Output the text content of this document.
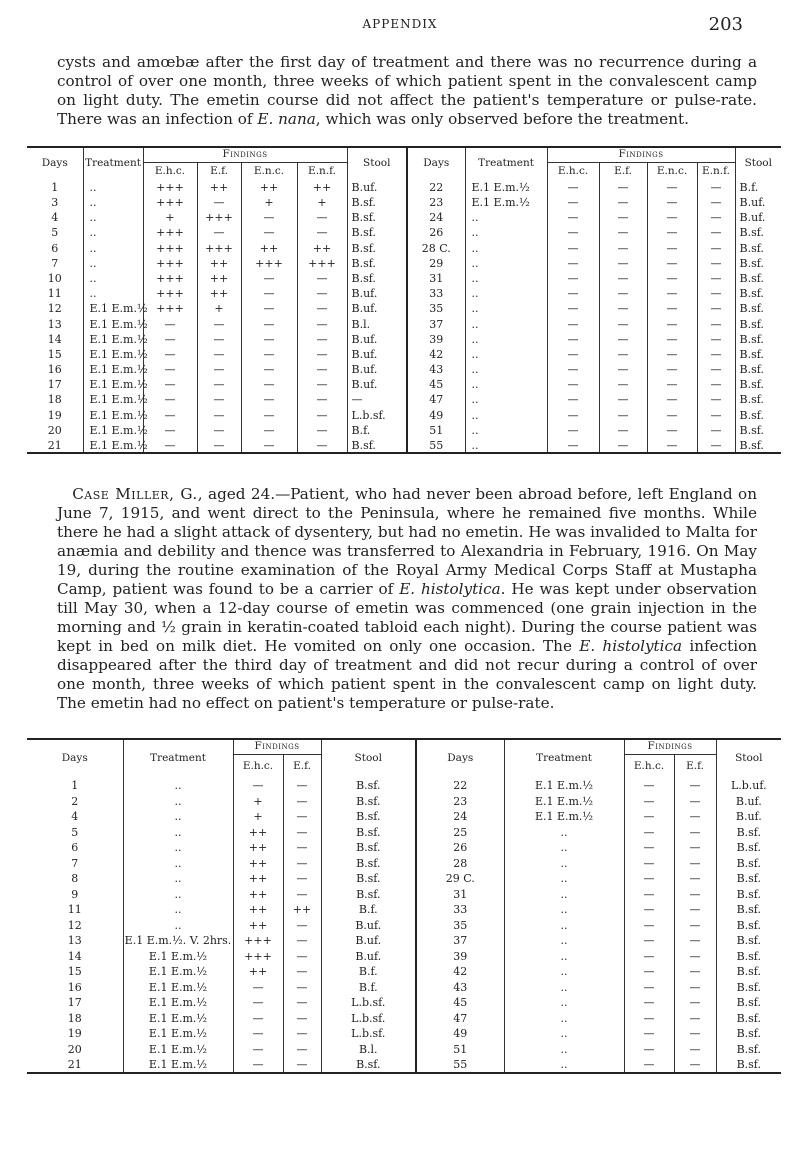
APPENDIX	203
cysts and amœbæ after the first day of treatment and there was no recurrence during a control of over one month, three weeks of which patient spent in the convalescent camp on light duty. The emetin course did not affect the patient's temperature or pulse-rate. There was an infection of E. nana, which was only observed before the treatment.
Days	Treatment	Findings				Stool	Days	Treatment	Findings				Stool
		E.h.c.	E.f.	E.n.c.	E.n.f.				E.h.c.	E.f.	E.n.c.	E.n.f.	
1	..	+++	++	++	++	B.uf.	22	E.1 E.m.½	—	—	—	—	B.f.
3	..	+++	—	+	+	B.sf.	23	E.1 E.m.½	—	—	—	—	B.uf.
4	..	+	+++	—	—	B.sf.	24	..	—	—	—	—	B.uf.
5	..	+++	—	—	—	B.sf.	26	..	—	—	—	—	B.sf.
6	..	+++	+++	++	++	B.sf.	28 C.	..	—	—	—	—	B.sf.
7	..	+++	++	+++	+++	B.sf.	29	..	—	—	—	—	B.sf.
10	..	+++	++	—	—	B.sf.	31	..	—	—	—	—	B.sf.
11	..	+++	++	—	—	B.uf.	33	..	—	—	—	—	B.sf.
12	E.1 E.m.½	+++	+	—	—	B.uf.	35	..	—	—	—	—	B.sf.
13	E.1 E.m.½	—	—	—	—	B.l.	37	..	—	—	—	—	B.sf.
14	E.1 E.m.½	—	—	—	—	B.uf.	39	..	—	—	—	—	B.sf.
15	E.1 E.m.½	—	—	—	—	B.uf.	42	..	—	—	—	—	B.sf.
16	E.1 E.m.½	—	—	—	—	B.uf.	43	..	—	—	—	—	B.sf.
17	E.1 E.m.½	—	—	—	—	B.uf.	45	..	—	—	—	—	B.sf.
18	E.1 E.m.½	—	—	—	—	—	47	..	—	—	—	—	B.sf.
19	E.1 E.m.½	—	—	—	—	L.b.sf.	49	..	—	—	—	—	B.sf.
20	E.1 E.m.½	—	—	—	—	B.f.	51	..	—	—	—	—	B.sf.
21	E.1 E.m.½	—	—	—	—	B.sf.	55	..	—	—	—	—	B.sf.
 Case Miller, G., aged 24.—Patient, who had never been abroad before, left England on June 7, 1915, and went direct to the Peninsula, where he remained five months. While there he had a slight attack of dysentery, but had no emetin. He was invalided to Malta for anæmia and debility and thence was transferred to Alexandria in February, 1916. On May 19, during the routine examination of the Royal Army Medical Corps Staff at Mustapha Camp, patient was found to be a carrier of E. histolytica. He was kept under observation till May 30, when a 12-day course of emetin was commenced (one grain injection in the morning and ½ grain in keratin-coated tabloid each night). During the course patient was kept in bed on milk diet. He vomited on only one occasion. The E. histolytica infection disappeared after the third day of treatment and did not recur during a control of over one month, three weeks of which patient spent in the convalescent camp on light duty. The emetin had no effect on patient's temperature or pulse-rate.
Days	Treatment	Findings		Stool	Days	Treatment	Findings		Stool
		E.h.c.	E.f.				E.h.c.	E.f.	
1	..	—	—	B.sf.	22	E.1 E.m.½	—	—	L.b.uf.
2	..	+	—	B.sf.	23	E.1 E.m.½	—	—	B.uf.
4	..	+	—	B.sf.	24	E.1 E.m.½	—	—	B.uf.
5	..	++	—	B.sf.	25	..	—	—	B.sf.
6	..	++	—	B.sf.	26	..	—	—	B.sf.
7	..	++	—	B.sf.	28	..	—	—	B.sf.
8	..	++	—	B.sf.	29 C.	..	—	—	B.sf.
9	..	++	—	B.sf.	31	..	—	—	B.sf.
11	..	++	++	B.f.	33	..	—	—	B.sf.
12	..	++	—	B.uf.	35	..	—	—	B.sf.
13	E.1 E.m.½. V. 2hrs.	+++	—	B.uf.	37	..	—	—	B.sf.
14	E.1 E.m.½	+++	—	B.uf.	39	..	—	—	B.sf.
15	E.1 E.m.½	++	—	B.f.	42	..	—	—	B.sf.
16	E.1 E.m.½	—	—	B.f.	43	..	—	—	B.sf.
17	E.1 E.m.½	—	—	L.b.sf.	45	..	—	—	B.sf.
18	E.1 E.m.½	—	—	L.b.sf.	47	..	—	—	B.sf.
19	E.1 E.m.½	—	—	L.b.sf.	49	..	—	—	B.sf.
20	E.1 E.m.½	—	—	B.l.	51	..	—	—	B.sf.
21	E.1 E.m.½	—	—	B.sf.	55	..	—	—	B.sf.
